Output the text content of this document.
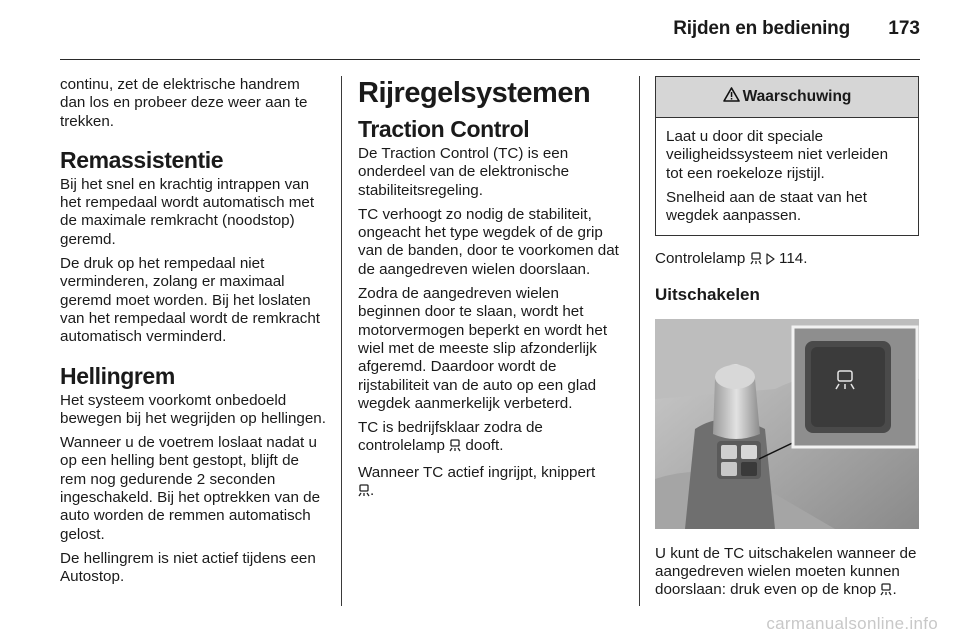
Rijden en bediening 173

continu, zet de elektrische handrem dan los en probeer deze weer aan te trekken.

Remassistentie

Bij het snel en krachtig intrappen van het rempedaal wordt automatisch met de maximale remkracht (noodstop) geremd.

De druk op het rempedaal niet verminderen, zolang er maximaal geremd moet worden. Bij het loslaten van het rempedaal wordt de remkracht automatisch verminderd.

Hellingrem

Het systeem voorkomt onbedoeld bewegen bij het wegrijden op hellingen.

Wanneer u de voetrem loslaat nadat u op een helling bent gestopt, blijft de rem nog gedurende 2 seconden ingeschakeld. Bij het optrekken van de auto worden de remmen automatisch gelost.

De hellingrem is niet actief tijdens een Autostop.

Rijregelsystemen
Traction Control

De Traction Control (TC) is een onderdeel van de elektronische stabiliteitsregeling.

TC verhoogt zo nodig de stabiliteit, ongeacht het type wegdek of de grip van de banden, door te voorkomen dat de aangedreven wielen doorslaan.

Zodra de aangedreven wielen beginnen door te slaan, wordt het motorvermogen beperkt en wordt het wiel met de meeste slip afzonderlijk afgeremd. Daardoor wordt de rijstabiliteit van de auto op een glad wegdek aanmerkelijk verbeterd.

TC is bedrijfsklaar zodra de controlelamp dooft.

Wanneer TC actief ingrijpt, knippert
.

Waarschuwing

Laat u door dit speciale veiligheidssysteem niet verleiden tot een roekeloze rijstijl.

Snelheid aan de staat van het wegdek aanpassen.

Controlelamp 114.

Uitschakelen

U kunt de TC uitschakelen wanneer de aangedreven wielen moeten kunnen doorslaan: druk even op de knop .

carmanualsonline.info
